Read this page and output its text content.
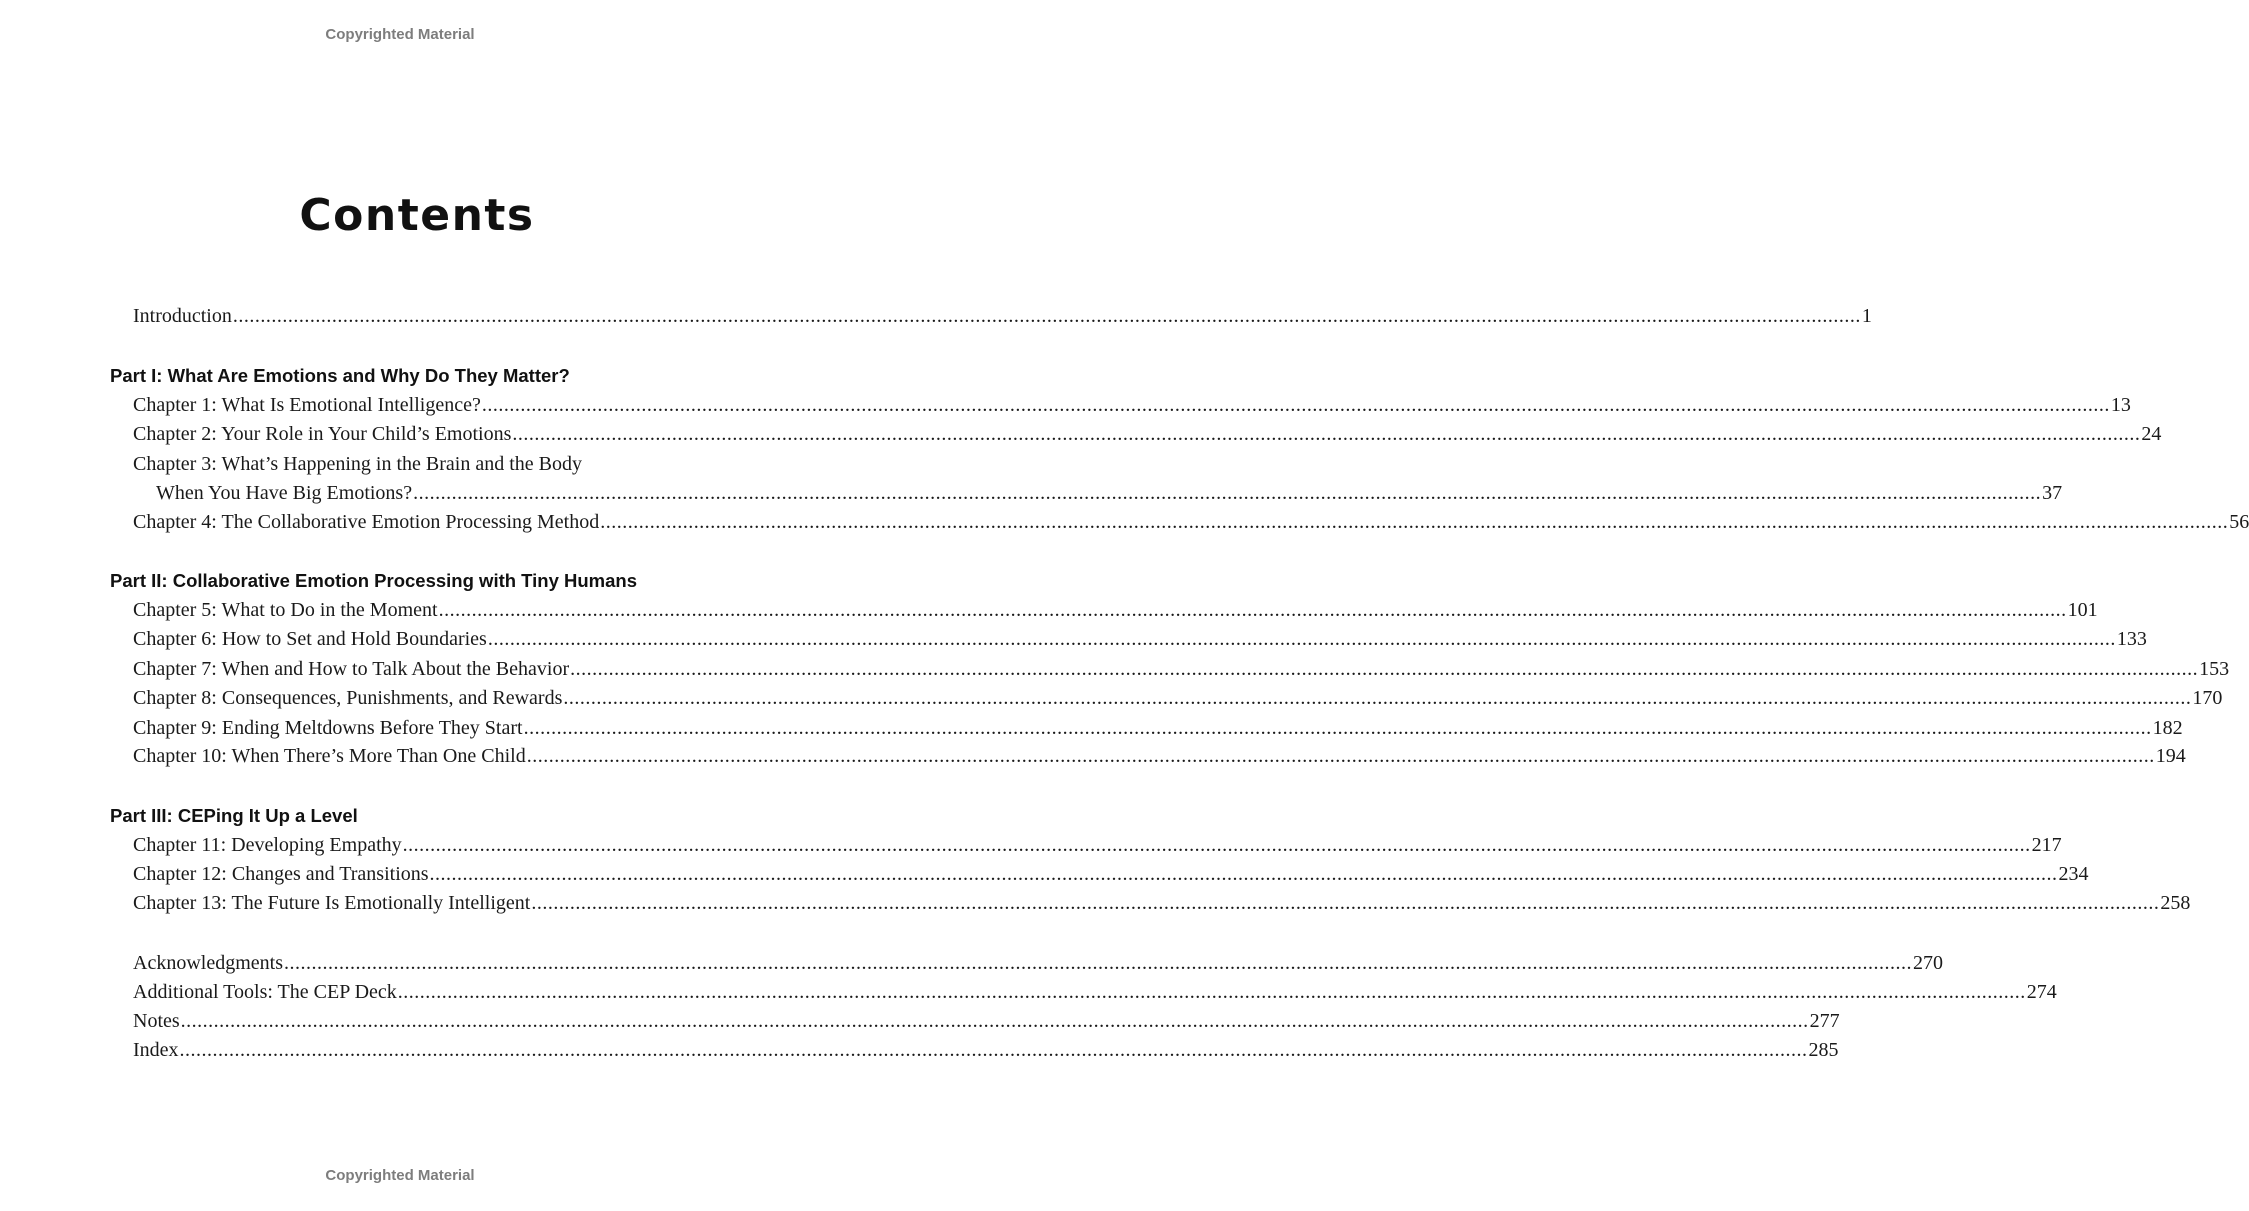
Copyrighted Material
Contents
Introduction ........................................................................................................................................................................................................................................................................................................ 1
Part I: What Are Emotions and Why Do They Matter?
Chapter 1: What Is Emotional Intelligence? ........................................................................................................................................................................................................................................................................................................ 13
Chapter 2: Your Role in Your Child’s Emotions ........................................................................................................................................................................................................................................................................................................ 24
Chapter 3: What’s Happening in the Brain and the Body
When You Have Big Emotions? ........................................................................................................................................................................................................................................................................................................ 37
Chapter 4: The Collaborative Emotion Processing Method ........................................................................................................................................................................................................................................................................................................ 56
Part II: Collaborative Emotion Processing with Tiny Humans
Chapter 5: What to Do in the Moment ........................................................................................................................................................................................................................................................................................................ 101
Chapter 6: How to Set and Hold Boundaries ........................................................................................................................................................................................................................................................................................................ 133
Chapter 7: When and How to Talk About the Behavior ........................................................................................................................................................................................................................................................................................................ 153
Chapter 8: Consequences, Punishments, and Rewards ........................................................................................................................................................................................................................................................................................................ 170
Chapter 9: Ending Meltdowns Before They Start ........................................................................................................................................................................................................................................................................................................ 182
Chapter 10: When There’s More Than One Child ........................................................................................................................................................................................................................................................................................................ 194
Part III: CEPing It Up a Level
Chapter 11: Developing Empathy ........................................................................................................................................................................................................................................................................................................ 217
Chapter 12: Changes and Transitions ........................................................................................................................................................................................................................................................................................................ 234
Chapter 13: The Future Is Emotionally Intelligent ........................................................................................................................................................................................................................................................................................................ 258
Acknowledgments ........................................................................................................................................................................................................................................................................................................ 270
Additional Tools: The CEP Deck ........................................................................................................................................................................................................................................................................................................ 274
Notes ........................................................................................................................................................................................................................................................................................................ 277
Index ........................................................................................................................................................................................................................................................................................................ 285
Copyrighted Material
